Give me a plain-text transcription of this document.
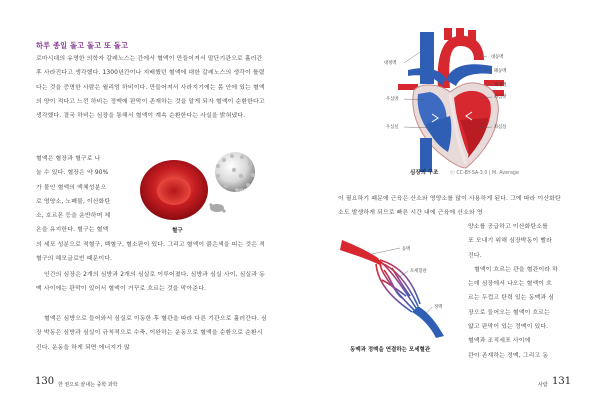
하루 종일 돌고 돌고 또 돌고

로마시대의 유명한 의학자 갈레노스는 간에서 혈액이 만들어져서 말단기관으로 흘러간 후 사라진다고 생각했다. 1300년간이나 지배했던 혈액에 대한 갈레노스의 생각이 틀렸다는 것을 증명한 사람은 윌리엄 하비이다. 만들어져서 사라지기에는 몸 안에 있는 혈액의 양이 적다고 느낀 하비는 정맥에 판막이 존재하는 것을 알게 되자 혈액이 순환한다고 생각했다. 결국 하비는 심장을 통해서 혈액이 계속 순환한다는 사실을 밝혀냈다.

혈액은 혈장과 혈구로 나
눌 수 있다. 혈장은 약 90%
가 물인 혈액의 액체성분으
로 영양소, 노폐물, 이산화탄
소, 호르몬 등을 운반하며 체
온을 유지한다. 혈구는 혈액
적혈구(산소 운반)
백혈구
(식균 작용)
혈소판(혈액 응고)
혈구

의 세포 성분으로 적혈구, 백혈구, 혈소판이 있다. 그리고 혈액이 붉은색을 띠는 것은 적혈구의 헤모글로빈 때문이다.

인간의 심장은 2개의 심방과 2개의 심실로 이루어졌다. 심방과 심실 사이, 심실과 동맥 사이에는 판막이 있어서 혈액이 거꾸로 흐르는 것을 막아준다.

혈액은 심방으로 들어와서 심실로 이동한 후 혈관을 따라 다른 기관으로 흘러간다. 심장 박동은 심방과 심실이 규칙적으로 수축, 이완하는 운동으로 혈액을 순환으로 순환시킨다. 운동을 하게 되면 에너지가 많

130 한 권으로 끝내는 중학 과학
대동맥
폐동맥
대정맥
폐정맥
우심방	좌심방
우심실	좌심실
심장의 구조 ⓒ CC-BY-SA-3.0 | M. Average

이 필요하기 때문에 근육은 산소와 영양소를 많이 사용하게 된다. 그에 따라 이산화탄소도 발생하게 되므로 빠른 시간 내에 근육에 산소와 영

양소를 공급하고 이산화탄소를
포 모내기 위해 심장박동이 빨라
진다.
혈액이 흐르는 관을 혈관이라 하
는데 심장에서 나오는 혈액이 흐
르는 두껍고 탄력 있는 동맥과 심
장으로 들어오는 혈액이 흐르는
얇고 판막이 있는 정맥이 있다.
혈액과 조직세포 사이에
관이 존재하는 정맥, 그리고 동
동맥
모세혈관
정맥
동맥과 정맥을 연결하는 모세혈관
사람 131
